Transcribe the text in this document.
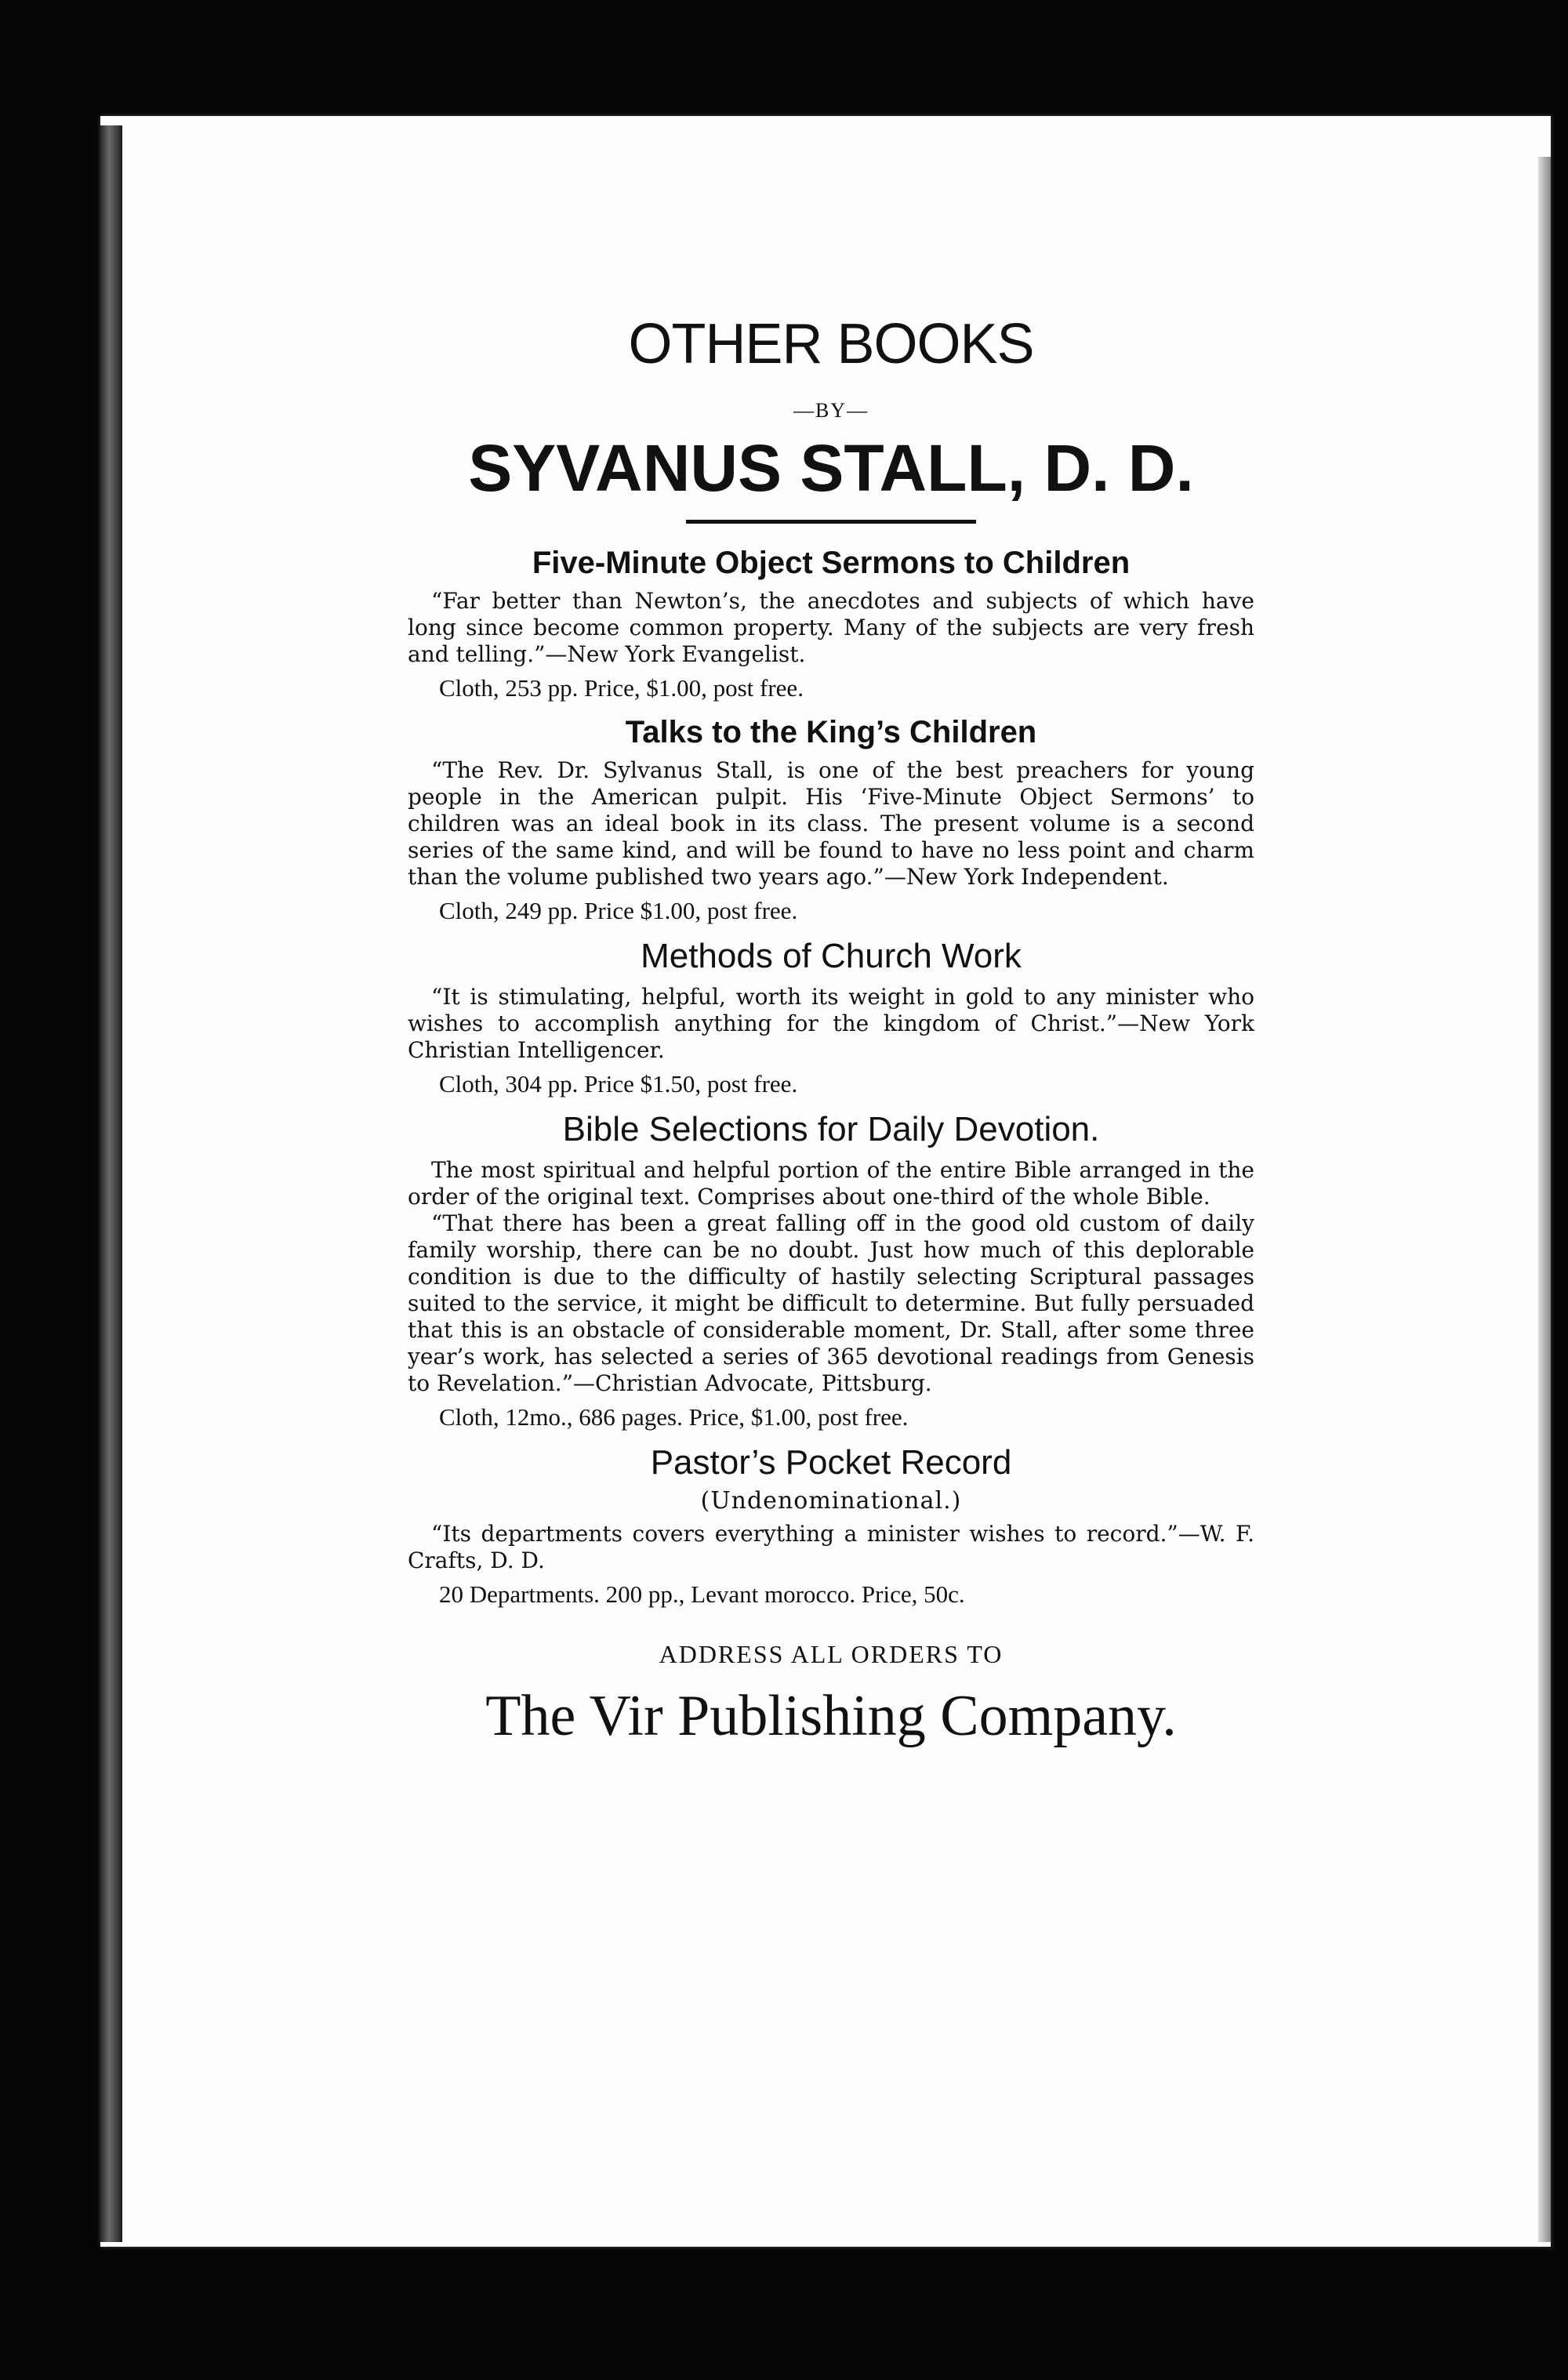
OTHER BOOKS
—BY—
SYVANUS STALL, D. D.
Five-Minute Object Sermons to Children

“Far better than Newton’s, the anecdotes and subjects of which have long since become common property. Many of the subjects are very fresh and telling.”—New York Evangelist.

Cloth, 253 pp. Price, $1.00, post free.
Talks to the King’s Children

“The Rev. Dr. Sylvanus Stall, is one of the best preachers for young people in the American pulpit. His ‘Five-Minute Object Sermons’ to children was an ideal book in its class. The present volume is a second series of the same kind, and will be found to have no less point and charm than the volume published two years ago.”—New York Independent.

Cloth, 249 pp. Price $1.00, post free.
Methods of Church Work

“It is stimulating, helpful, worth its weight in gold to any minister who wishes to accomplish anything for the kingdom of Christ.”—New York Christian Intelligencer.

Cloth, 304 pp. Price $1.50, post free.
Bible Selections for Daily Devotion.

The most spiritual and helpful portion of the entire Bible arranged in the order of the original text. Comprises about one-third of the whole Bible.

“That there has been a great falling off in the good old custom of daily family worship, there can be no doubt. Just how much of this deplorable condition is due to the difficulty of hastily selecting Scriptural passages suited to the service, it might be difficult to determine. But fully persuaded that this is an obstacle of considerable moment, Dr. Stall, after some three year’s work, has selected a series of 365 devotional readings from Genesis to Revelation.”—Christian Advocate, Pittsburg.

Cloth, 12mo., 686 pages. Price, $1.00, post free.
Pastor’s Pocket Record
(Undenominational.)

“Its departments covers everything a minister wishes to record.”—W. F. Crafts, D. D.

20 Departments. 200 pp., Levant morocco. Price, 50c.
ADDRESS ALL ORDERS TO
The Vir Publishing Company.
